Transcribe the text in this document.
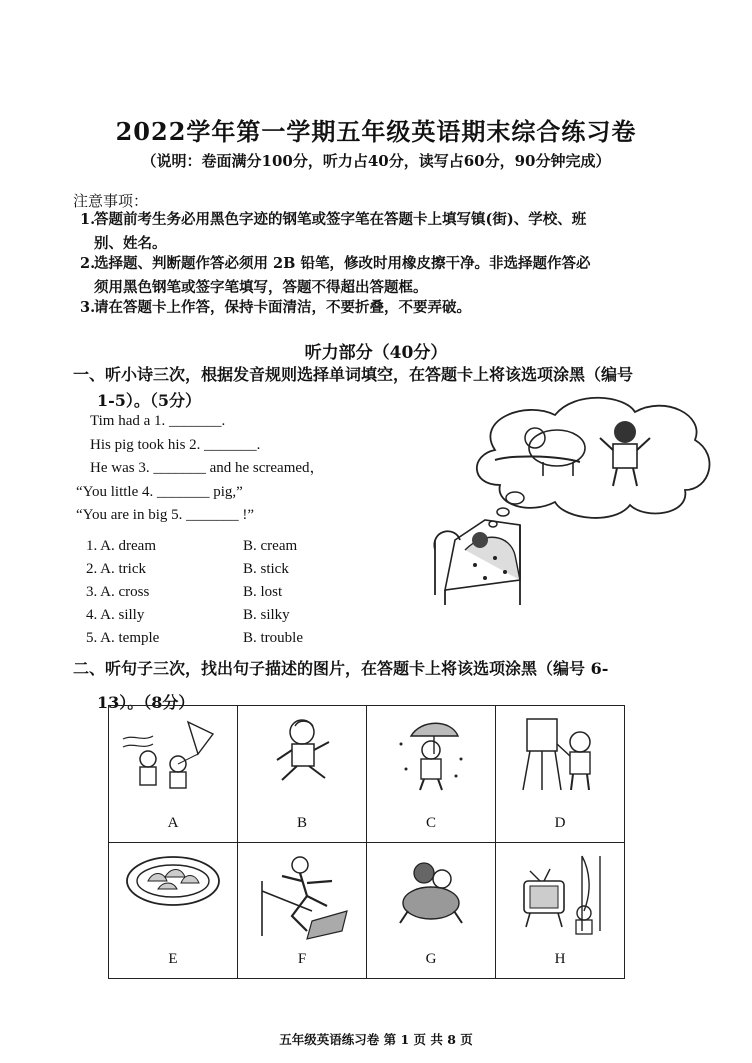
2022学年第一学期五年级英语期末综合练习卷
（说明：卷面满分100分，听力占40分，读写占60分，90分钟完成）
注意事项：
1.答题前考生务必用黑色字迹的钢笔或签字笔在答题卡上填写镇(街)、学校、班
别、姓名。
2.选择题、判断题作答必须用 2B 铅笔，修改时用橡皮擦干净。非选择题作答必
须用黑色钢笔或签字笔填写，答题不得超出答题框。
3.请在答题卡上作答，保持卡面清洁，不要折叠，不要弄破。
听力部分（40分）
一、听小诗三次，根据发音规则选择单词填空，在答题卡上将该选项涂黑（编号
1-5）。（5分）
Tim had a 1. _______.
His pig took his 2. _______.
He was 3. _______ and he screamed，
“You little 4. _______ pig,”
“You are in big 5. _______ !”
1. A. dream	B. cream
2. A. trick	B. stick
3. A. cross	B. lost
4. A. silly	B. silky
5. A. temple	B. trouble
二、听句子三次，找出句子描述的图片，在答题卡上将该选项涂黑（编号 6-
13）。（8分）
A	B	C	D

E	F	G	H
五年级英语练习卷 第 1 页 共 8 页
